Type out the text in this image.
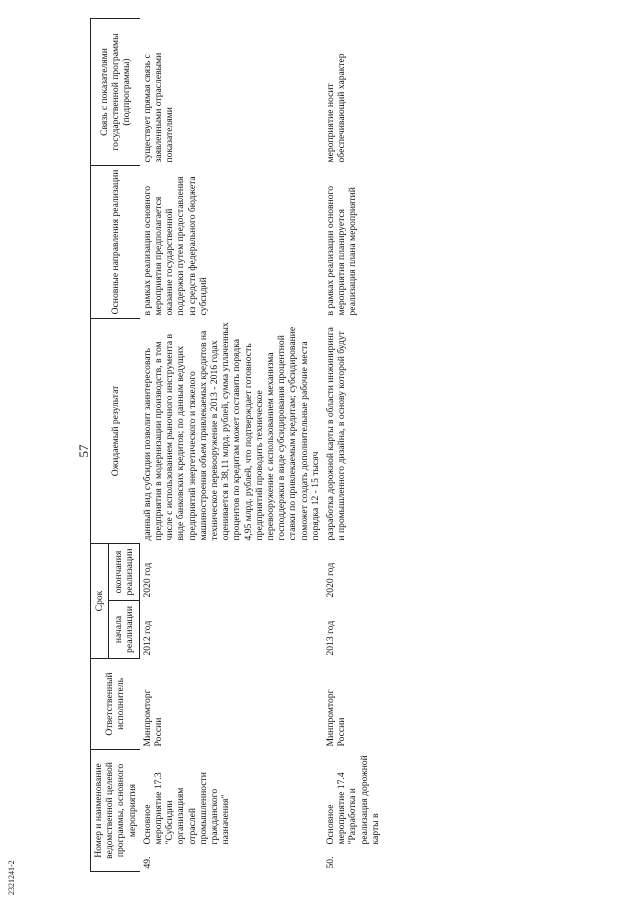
57
2321241-2
Номер и наименование ведомственной целевой программы, основного мероприятия		Ответственный исполнитель	Срок		Ожидаемый результат	Основные направления реализации	Связь с показателями государственной программы (подпрограммы)
			начала реализации	окончания реализации			
49.	Основное мероприятие 17.3 "Субсидии организациям отраслей промышленности гражданского назначения"	Минпромторг России	2012 год	2020 год	данный вид субсидии позволит заинтересовать предприятия в модернизации производств, в том числе с использованием рыночного инструмента в виде банковских кредитов; по данным ведущих предприятий энергетического и тяжелого машиностроения объем привлекаемых кредитов на техническое перевооружение в 2013 - 2016 годах оценивается в 38,11 млрд. рублей, сумма уплаченных процентов по кредитам может составить порядка 4,95 млрд. рублей, что подтверждает готовность предприятий проводить техническое перевооружение с использованием механизма господдержки в виде субсидирования процентной ставки по привлекаемым кредитам; субсидирование поможет создать дополнительные рабочие места порядка 12 - 15 тысяч	в рамках реализации основного мероприятия предполагается оказание государственной поддержки путем предоставления из средств федерального бюджета субсидий	существует прямая связь с заявленными отраслевыми показателями
50.	Основное мероприятие 17.4 "Разработка и реализация дорожной карты в	Минпромторг России	2013 год	2020 год	разработка дорожной карты в области инжиниринга и промышленного дизайна, в основу которой будут	в рамках реализации основного мероприятия планируется реализация плана мероприятий	мероприятие носит обеспечивающий характер
